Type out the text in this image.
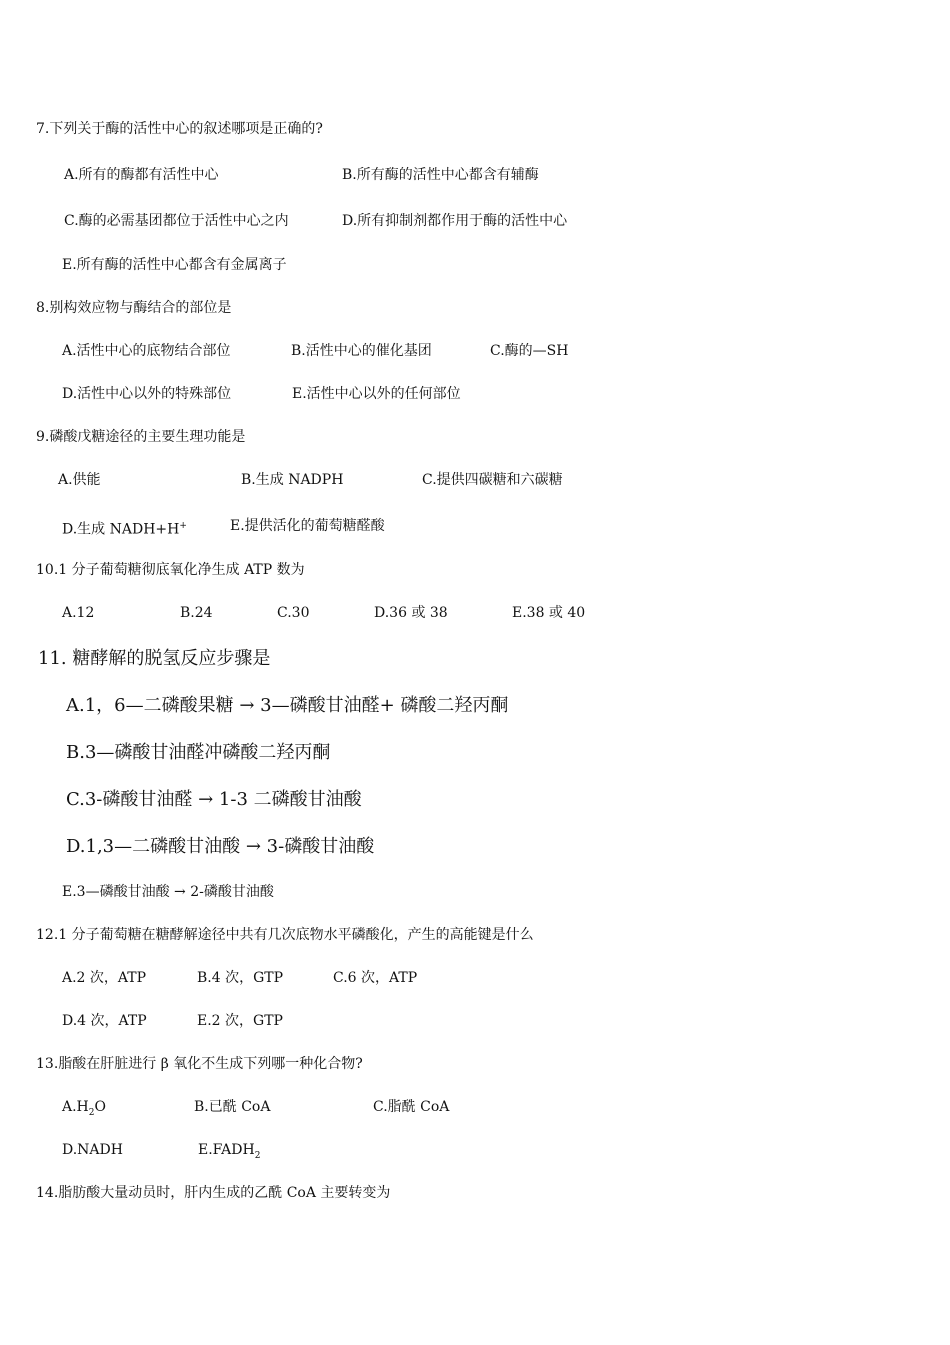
7.下列关于酶的活性中心的叙述哪项是正确的?
A.所有的酶都有活性中心	B.所有酶的活性中心都含有辅酶
C.酶的必需基团都位于活性中心之内	D.所有抑制剂都作用于酶的活性中心
E.所有酶的活性中心都含有金属离子
8.别构效应物与酶结合的部位是
A.活性中心的底物结合部位	B.活性中心的催化基团	C.酶的—SH
D.活性中心以外的特殊部位	E.活性中心以外的任何部位
9.磷酸戊糖途径的主要生理功能是
A.供能	B.生成 NADPH	C.提供四碳糖和六碳糖
D.生成 NADH+H+	E.提供活化的葡萄糖醛酸
10.1 分子葡萄糖彻底氧化净生成 ATP 数为
A.12	B.24	C.30	D.36 或 38	E.38 或 40
11. 糖酵解的脱氢反应步骤是
A.1，6—二磷酸果糖 → 3—磷酸甘油醛+ 磷酸二羟丙酮
B.3—磷酸甘油醛冲磷酸二羟丙酮
C.3-磷酸甘油醛 → 1-3 二磷酸甘油酸
D.1,3—二磷酸甘油酸 → 3-磷酸甘油酸
E.3—磷酸甘油酸 → 2-磷酸甘油酸
12.1 分子葡萄糖在糖酵解途径中共有几次底物水平磷酸化，产生的高能键是什么
A.2 次，ATP	B.4 次，GTP	C.6 次，ATP
D.4 次，ATP	E.2 次，GTP
13.脂酸在肝脏进行 β 氧化不生成下列哪一种化合物?
$A.H_2O$	B.已酰 CoA	C.脂酰 CoA
D.NADH	$E.FADH_2$
14.脂肪酸大量动员时，肝内生成的乙酰 CoA 主要转变为
